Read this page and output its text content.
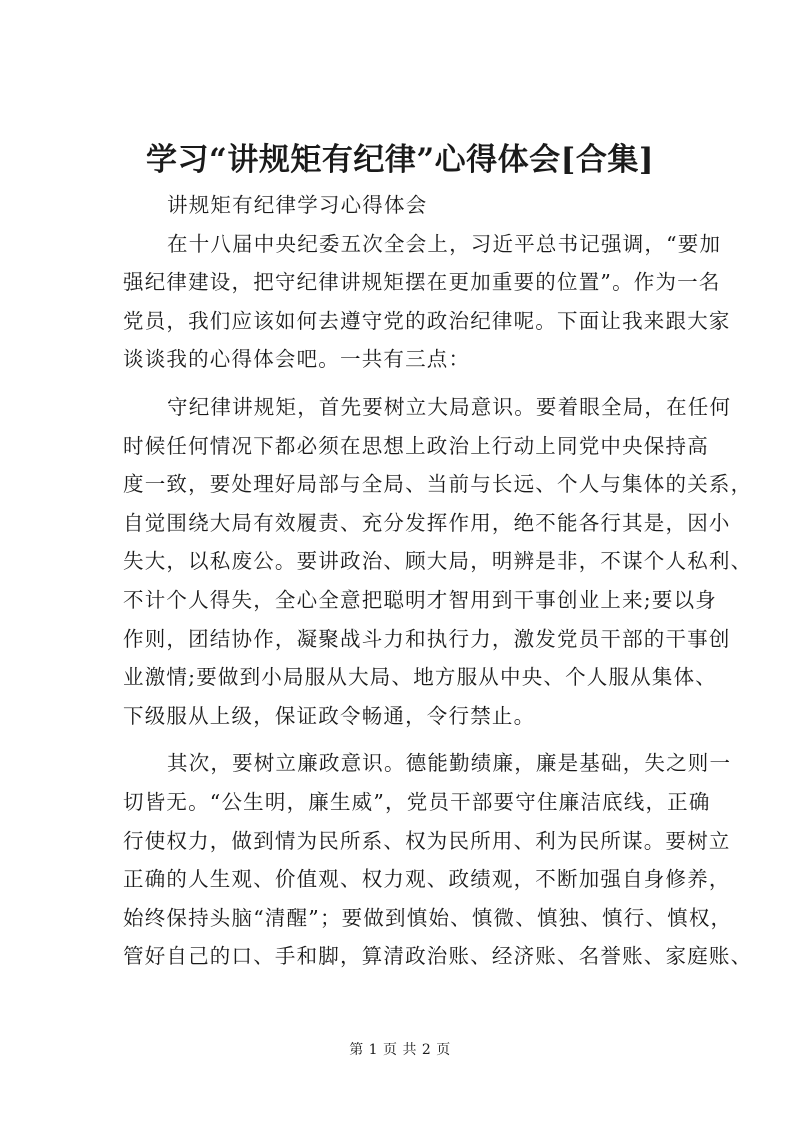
学习“讲规矩有纪律”心得体会[合集]
讲规矩有纪律学习心得体会
在十八届中央纪委五次全会上，习近平总书记强调，“要加
强纪律建设，把守纪律讲规矩摆在更加重要的位置”。作为一名
党员，我们应该如何去遵守党的政治纪律呢。下面让我来跟大家
谈谈我的心得体会吧。一共有三点：
守纪律讲规矩，首先要树立大局意识。要着眼全局，在任何
时候任何情况下都必须在思想上政治上行动上同党中央保持高
度一致，要处理好局部与全局、当前与长远、个人与集体的关系，
自觉围绕大局有效履责、充分发挥作用，绝不能各行其是，因小
失大，以私废公。要讲政治、顾大局，明辨是非，不谋个人私利、
不计个人得失，全心全意把聪明才智用到干事创业上来;要以身
作则，团结协作，凝聚战斗力和执行力，激发党员干部的干事创
业激情;要做到小局服从大局、地方服从中央、个人服从集体、
下级服从上级，保证政令畅通，令行禁止。
其次，要树立廉政意识。德能勤绩廉，廉是基础，失之则一
切皆无。“公生明，廉生威”，党员干部要守住廉洁底线，正确
行使权力，做到情为民所系、权为民所用、利为民所谋。要树立
正确的人生观、价值观、权力观、政绩观，不断加强自身修养，
始终保持头脑“清醒”；要做到慎始、慎微、慎独、慎行、慎权，
管好自己的口、手和脚，算清政治账、经济账、名誉账、家庭账、
第 1 页 共 2 页
